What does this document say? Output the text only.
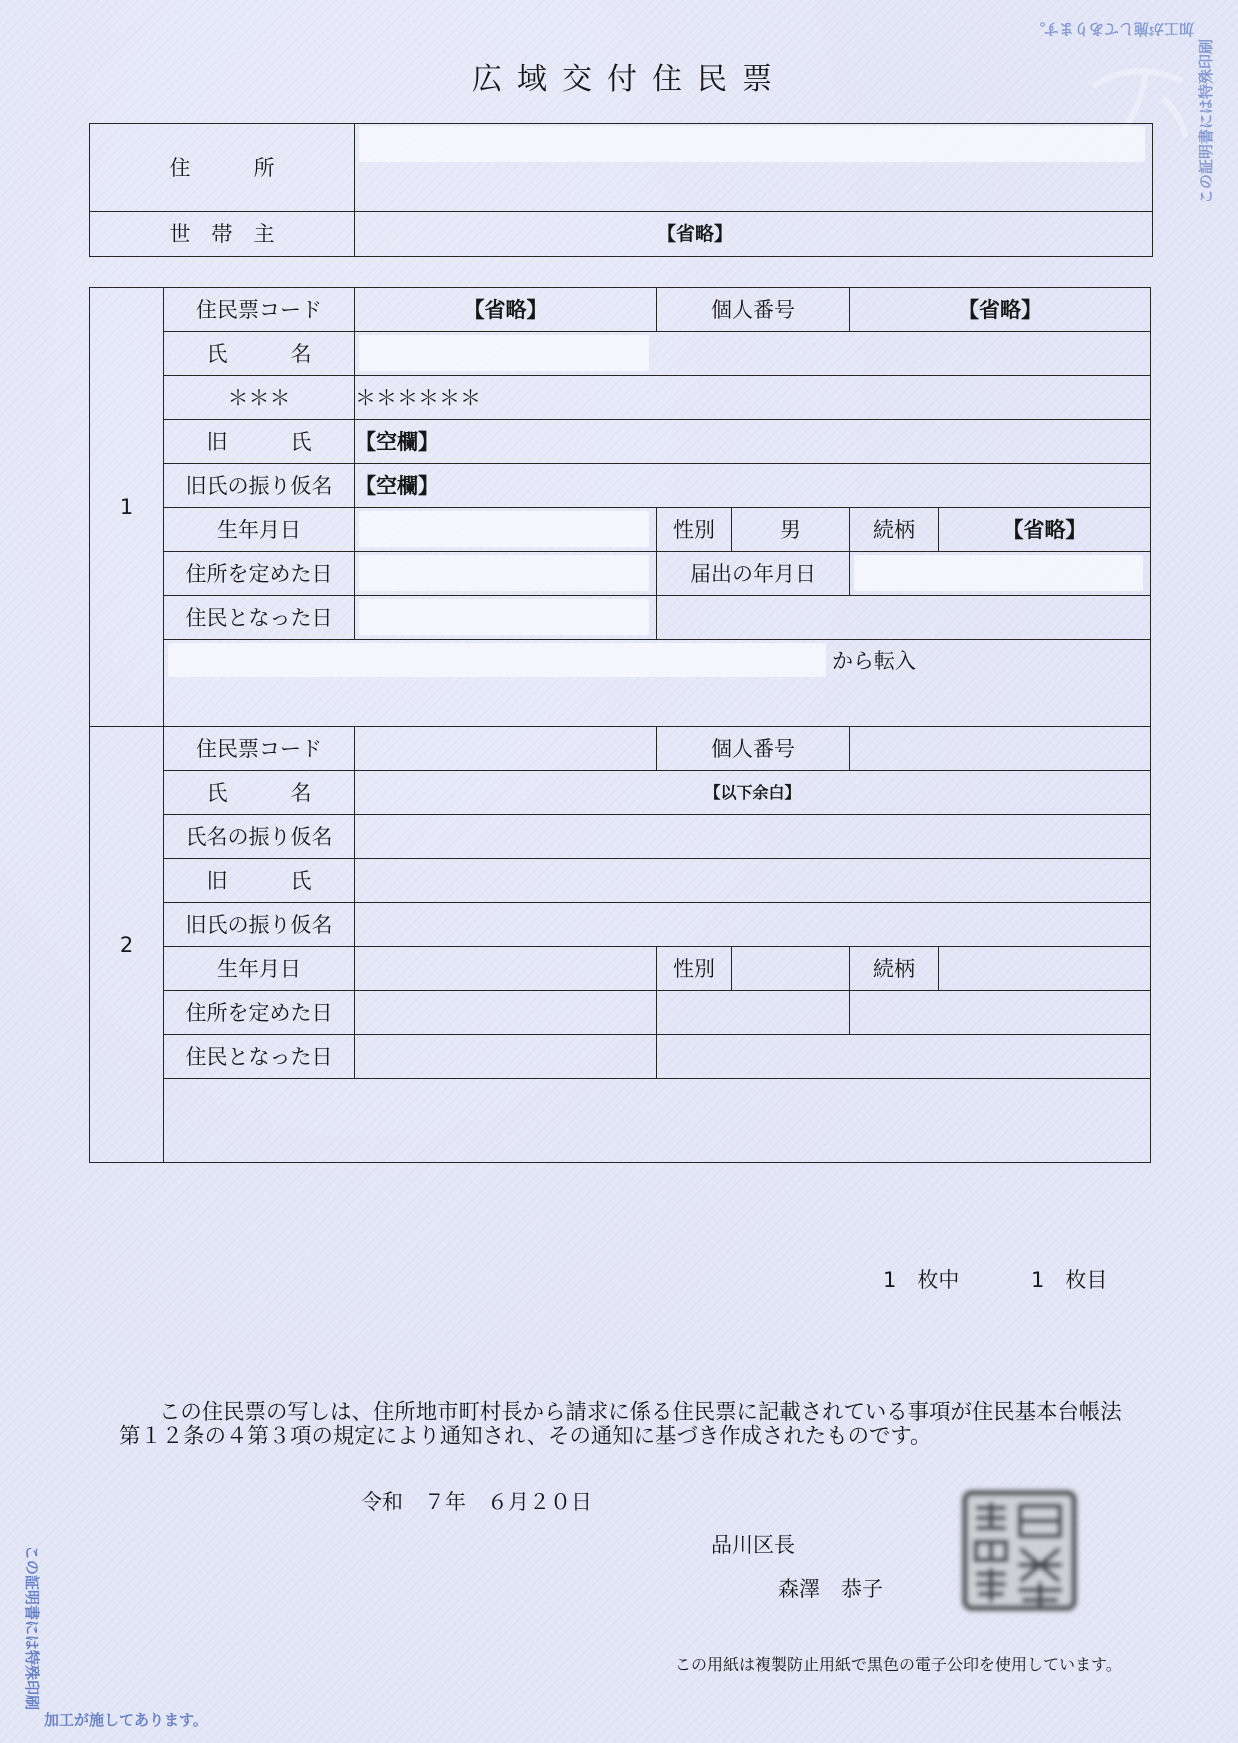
広域交付住民票
住　　　所	

世　帯　主	【省略】
1	住民票コード	【省略】	個人番号		【省略】	
	氏　　　名					

	＊＊＊	＊＊＊＊＊＊				
	旧　　　氏	【空欄】				
	旧氏の振り仮名	【空欄】				
	生年月日		性別	男	続柄	【省略】
	住所を定めた日		届出の年月日			

	住民となった日				

	から転入					

2	住民票コード		個人番号			
	氏　　　名	【以下余白】				
	氏名の振り仮名					
	旧　　　氏					
	旧氏の振り仮名					
	生年月日		性別		続柄	
	住所を定めた日					
	住民となった日					

1　枚中	1　枚目
この住民票の写しは、住所地市町村長から請求に係る住民票に記載されている事項が住民基本台帳法
第１２条の４第３項の規定により通知され、その通知に基づき作成されたものです。
令和　７年　６月２０日
品川区長
森澤　恭子
この用紙は複製防止用紙で黒色の電子公印を使用しています。
この証明書には特殊印刷
加工が施してあります。
この証明書には特殊印刷
加工が施してあります。
